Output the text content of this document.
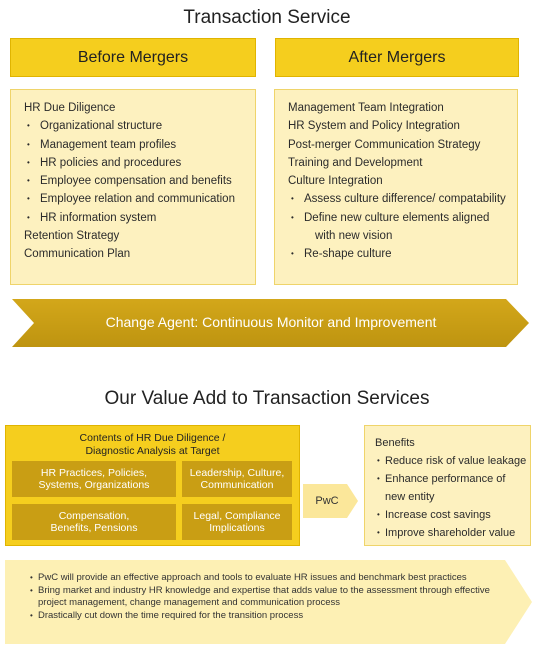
Transaction Service
Before Mergers	After Mergers
HR Due Diligence
• Organizational structure
• Management team profiles
• HR policies and procedures
• Employee compensation and benefits
• Employee relation and communication
• HR information system
Retention Strategy
Communication Plan
Management Team Integration
HR System and Policy Integration
Post-merger Communication Strategy
Training and Development
Culture Integration
• Assess culture difference/ compatability
• Define new culture elements aligned
with new vision
• Re-shape culture
Change Agent: Continuous Monitor and Improvement
Our Value Add to Transaction Services
Contents of HR Due Diligence /
Diagnostic Analysis at Target
HR Practices, Policies,
Systems, Organizations
Leadership, Culture,
Communication
Compensation,
Benefits, Pensions
Legal, Compliance
Implications
PwC
Benefits
• Reduce risk of value leakage
• Enhance performance of
new entity
• Increase cost savings
• Improve shareholder value
• PwC will provide an effective approach and tools to evaluate HR issues and benchmark best practices
• Bring market and industry HR knowledge and expertise that adds value to the assessment through effective project management, change management and communication process
• Drastically cut down the time required for the transition process
